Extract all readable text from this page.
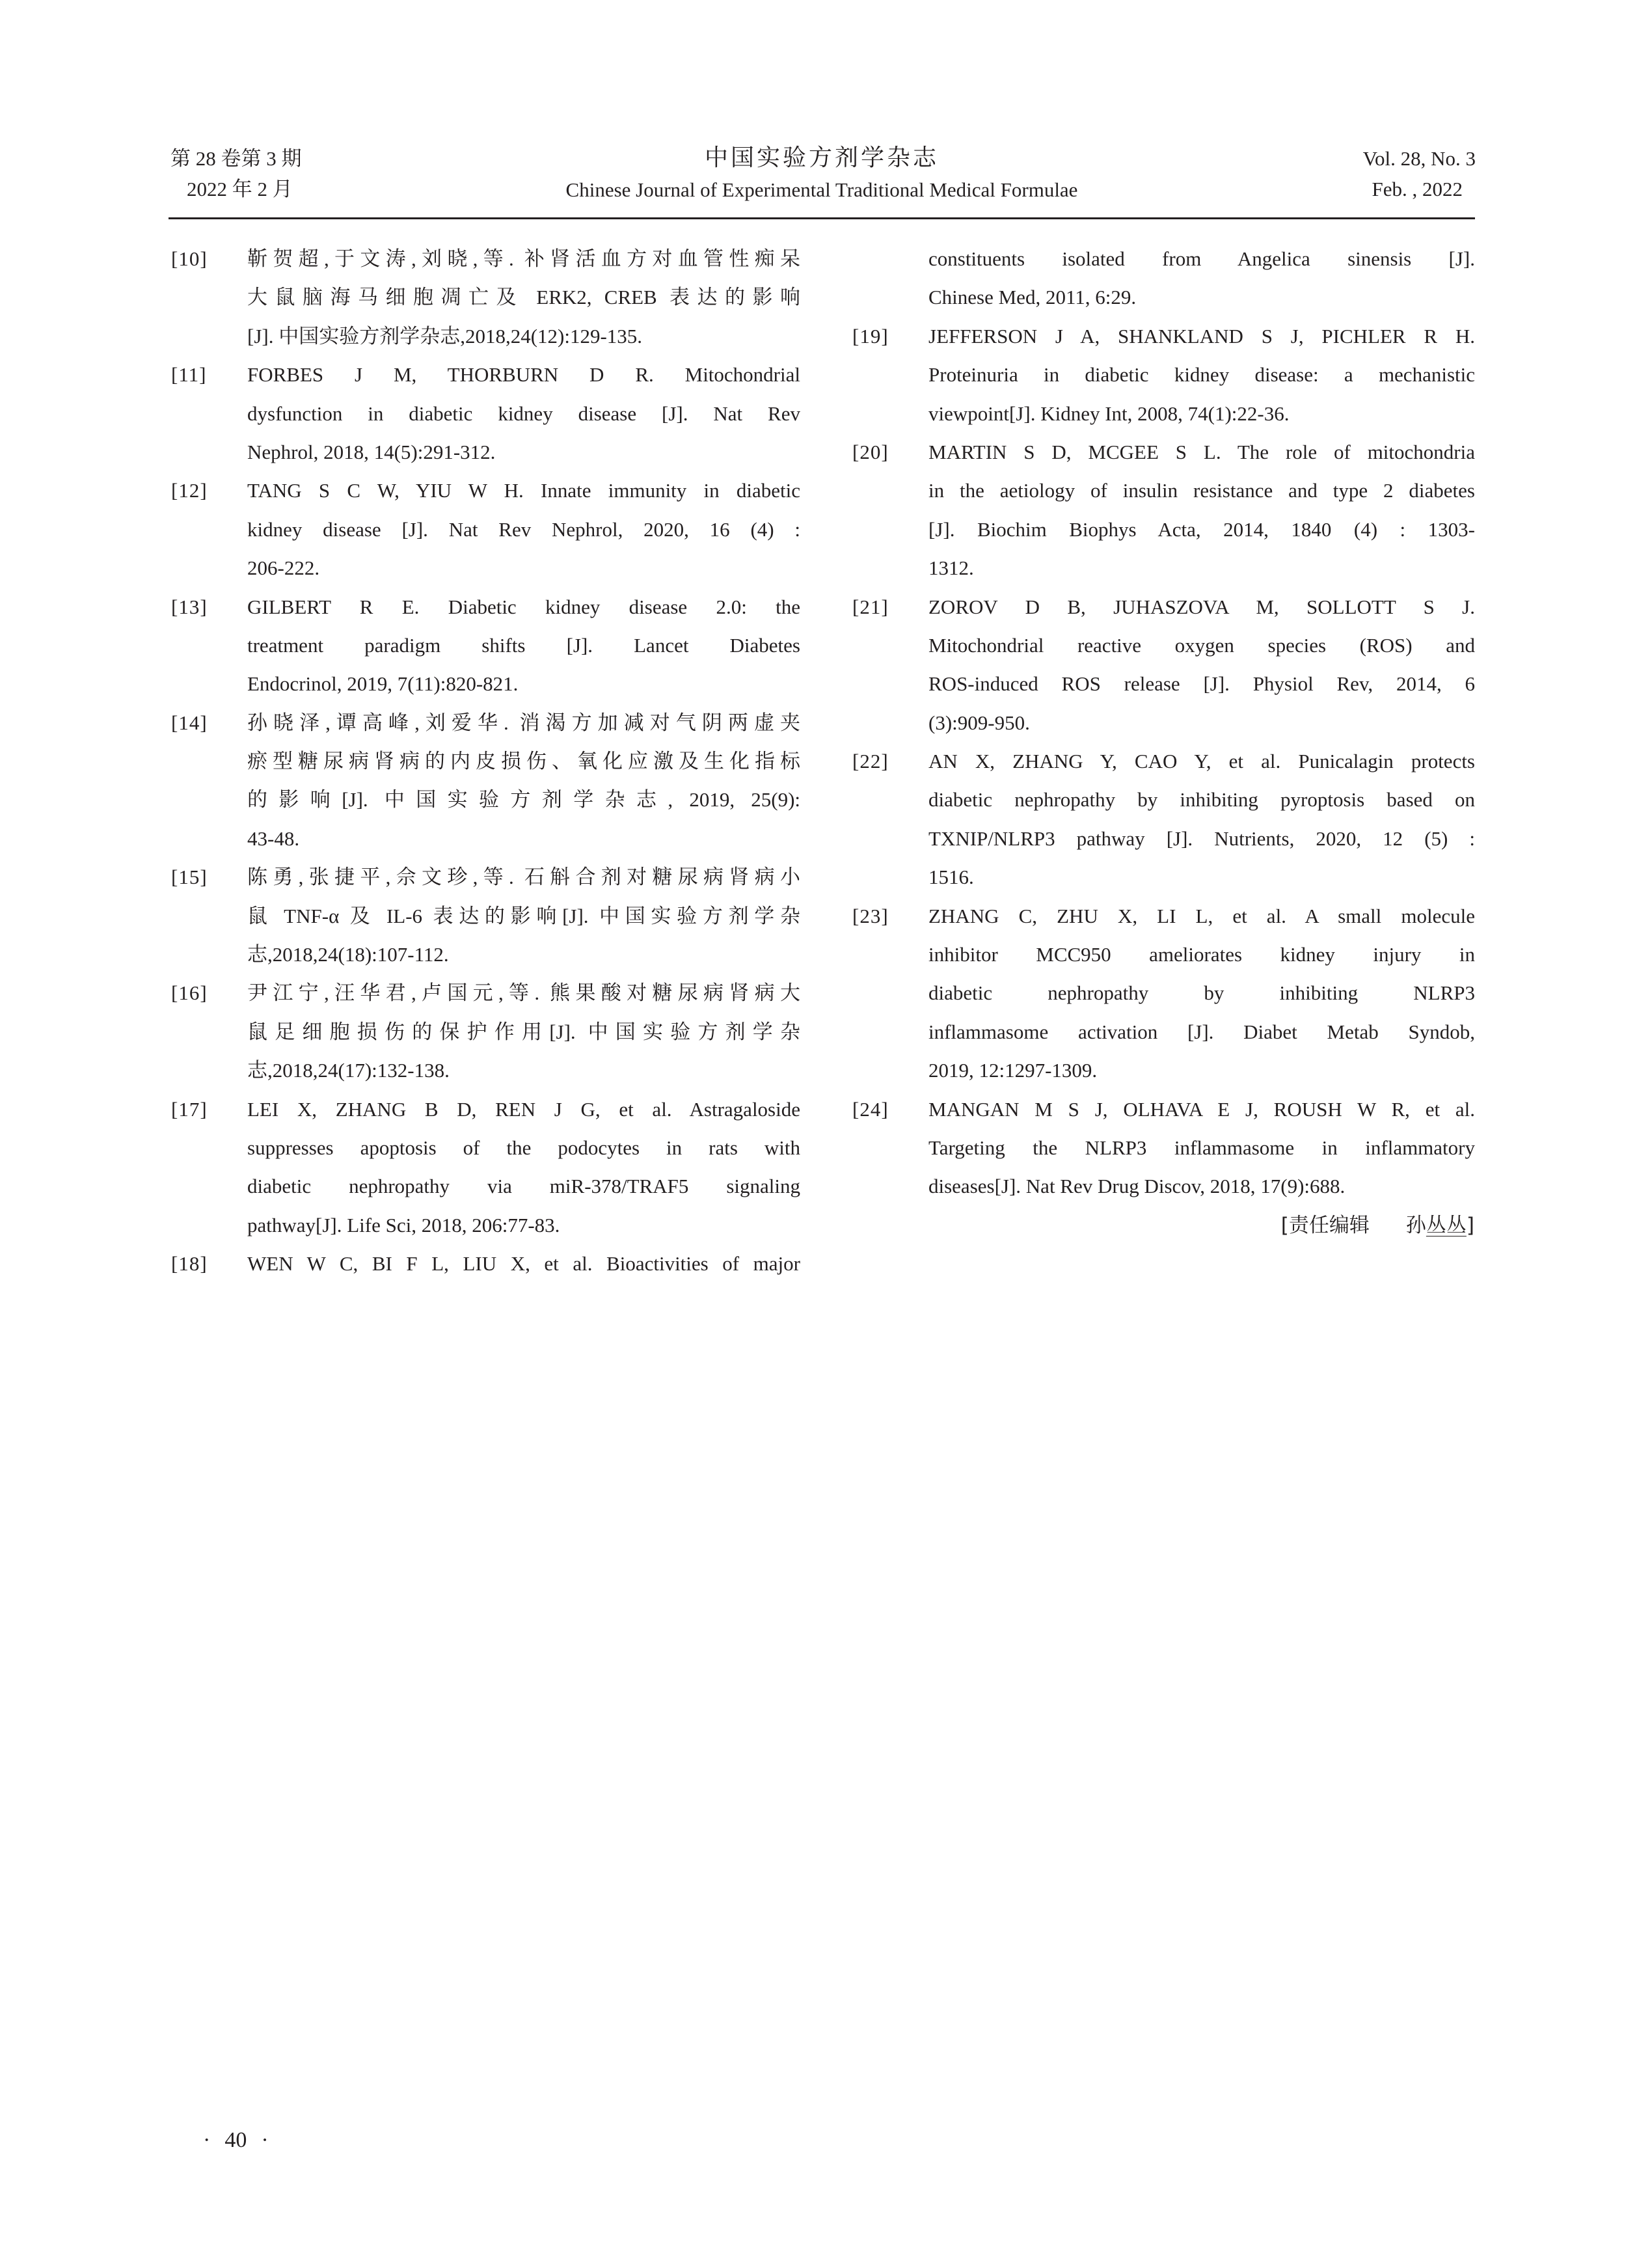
第 28 卷第 3 期
2022 年 2 月
中国实验方剂学杂志
Chinese Journal of Experimental Traditional Medical Formulae
Vol. 28, No. 3
Feb. , 2022
[10] 靳贺超,于文涛,刘晓,等. 补肾活血方对血管性痴呆
大鼠脑海马细胞凋亡及 ERK2, CREB 表达的影响
[J]. 中国实验方剂学杂志,2018,24(12):129-135.
[11] FORBES J M, THORBURN D R. Mitochondrial
dysfunction in diabetic kidney disease [J]. Nat Rev
Nephrol, 2018, 14(5):291-312.
[12] TANG S C W, YIU W H. Innate immunity in diabetic
kidney disease [J]. Nat Rev Nephrol, 2020, 16 (4) :
206-222.
[13] GILBERT R E. Diabetic kidney disease 2.0: the
treatment paradigm shifts [J]. Lancet Diabetes
Endocrinol, 2019, 7(11):820-821.
[14] 孙晓泽,谭高峰,刘爱华. 消渴方加减对气阴两虚夹
瘀型糖尿病肾病的内皮损伤、氧化应激及生化指标
的影响[J]. 中国实验方剂学杂志, 2019, 25(9):
43-48.
[15] 陈勇,张捷平,佘文珍,等. 石斛合剂对糖尿病肾病小
鼠 TNF-α 及 IL-6 表达的影响[J]. 中国实验方剂学杂
志,2018,24(18):107-112.
[16] 尹江宁,汪华君,卢国元,等. 熊果酸对糖尿病肾病大
鼠足细胞损伤的保护作用[J]. 中国实验方剂学杂
志,2018,24(17):132-138.
[17] LEI X, ZHANG B D, REN J G, et al. Astragaloside
suppresses apoptosis of the podocytes in rats with
diabetic nephropathy via miR-378/TRAF5 signaling
pathway[J]. Life Sci, 2018, 206:77-83.
[18] WEN W C, BI F L, LIU X, et al. Bioactivities of major
constituents isolated from Angelica sinensis [J].
Chinese Med, 2011, 6:29.
[19] JEFFERSON J A, SHANKLAND S J, PICHLER R H.
Proteinuria in diabetic kidney disease: a mechanistic
viewpoint[J]. Kidney Int, 2008, 74(1):22-36.
[20] MARTIN S D, MCGEE S L. The role of mitochondria
in the aetiology of insulin resistance and type 2 diabetes
[J]. Biochim Biophys Acta, 2014, 1840 (4) : 1303-
1312.
[21] ZOROV D B, JUHASZOVA M, SOLLOTT S J.
Mitochondrial reactive oxygen species (ROS) and
ROS-induced ROS release [J]. Physiol Rev, 2014, 6
(3):909-950.
[22] AN X, ZHANG Y, CAO Y, et al. Punicalagin protects
diabetic nephropathy by inhibiting pyroptosis based on
TXNIP/NLRP3 pathway [J]. Nutrients, 2020, 12 (5) :
1516.
[23] ZHANG C, ZHU X, LI L, et al. A small molecule
inhibitor MCC950 ameliorates kidney injury in
diabetic nephropathy by inhibiting NLRP3
inflammasome activation [J]. Diabet Metab Syndob,
2019, 12:1297-1309.
[24] MANGAN M S J, OLHAVA E J, ROUSH W R, et al.
Targeting the NLRP3 inflammasome in inflammatory
diseases[J]. Nat Rev Drug Discov, 2018, 17(9):688.
[责任编辑 孙丛丛]
· 40 ·
